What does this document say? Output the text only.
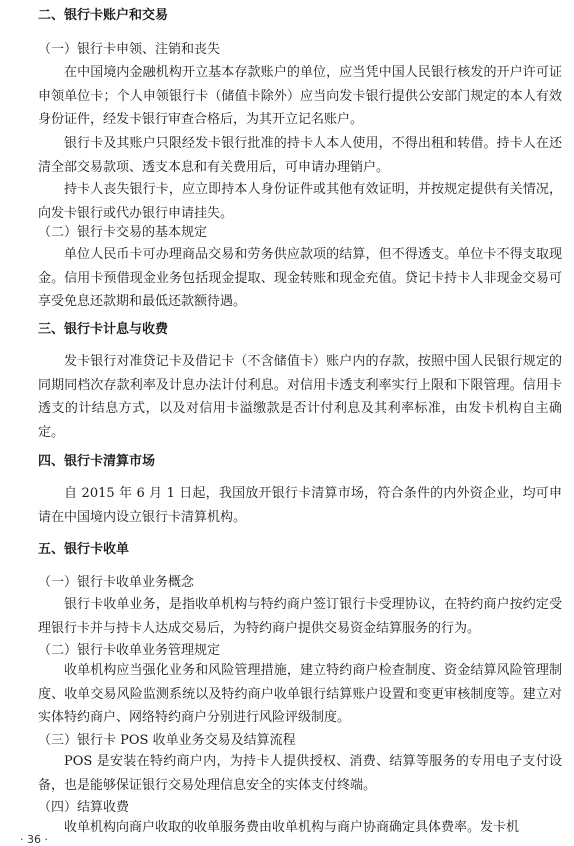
二、银行卡账户和交易
（一）银行卡申领、注销和丧失

在中国境内金融机构开立基本存款账户的单位，应当凭中国人民银行核发的开户许可证申领单位卡；个人申领银行卡（储值卡除外）应当向发卡银行提供公安部门规定的本人有效身份证件，经发卡银行审查合格后，为其开立记名账户。

银行卡及其账户只限经发卡银行批准的持卡人本人使用，不得出租和转借。持卡人在还清全部交易款项、透支本息和有关费用后，可申请办理销户。

持卡人丧失银行卡，应立即持本人身份证件或其他有效证明，并按规定提供有关情况，向发卡银行或代办银行申请挂失。

（二）银行卡交易的基本规定

单位人民币卡可办理商品交易和劳务供应款项的结算，但不得透支。单位卡不得支取现金。信用卡预借现金业务包括现金提取、现金转账和现金充值。贷记卡持卡人非现金交易可享受免息还款期和最低还款额待遇。

三、银行卡计息与收费

发卡银行对准贷记卡及借记卡（不含储值卡）账户内的存款，按照中国人民银行规定的同期同档次存款利率及计息办法计付利息。对信用卡透支利率实行上限和下限管理。信用卡透支的计结息方式，以及对信用卡溢缴款是否计付利息及其利率标准，由发卡机构自主确定。

四、银行卡清算市场

自 2015 年 6 月 1 日起，我国放开银行卡清算市场，符合条件的内外资企业，均可申请在中国境内设立银行卡清算机构。

五、银行卡收单
（一）银行卡收单业务概念

银行卡收单业务，是指收单机构与特约商户签订银行卡受理协议，在特约商户按约定受理银行卡并与持卡人达成交易后，为特约商户提供交易资金结算服务的行为。

（二）银行卡收单业务管理规定

收单机构应当强化业务和风险管理措施，建立特约商户检查制度、资金结算风险管理制度、收单交易风险监测系统以及特约商户收单银行结算账户设置和变更审核制度等。建立对实体特约商户、网络特约商户分别进行风险评级制度。

（三）银行卡 POS 收单业务交易及结算流程

POS 是安装在特约商户内，为持卡人提供授权、消费、结算等服务的专用电子支付设备，也是能够保证银行交易处理信息安全的实体支付终端。

（四）结算收费

收单机构向商户收取的收单服务费由收单机构与商户协商确定具体费率。发卡机

· 36 ·
